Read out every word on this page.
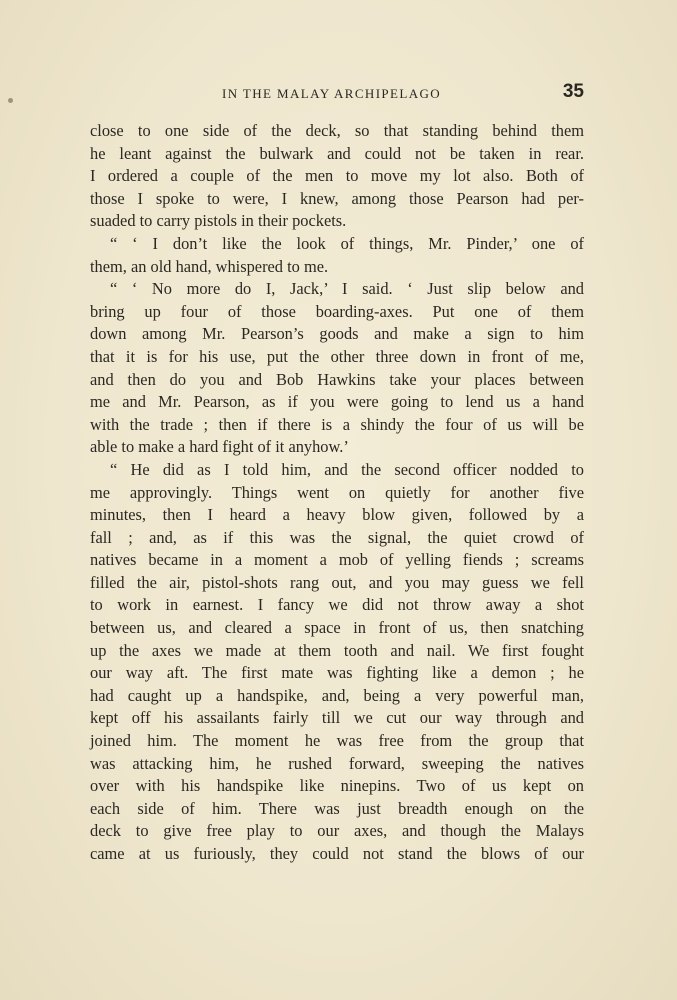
IN THE MALAY ARCHIPELAGO	35
close to one side of the deck, so that standing behind them
he leant against the bulwark and could not be taken in rear.
I ordered a couple of the men to move my lot also. Both of
those I spoke to were, I knew, among those Pearson had per-
suaded to carry pistols in their pockets.
“ ‘ I don’t like the look of things, Mr. Pinder,’ one of
them, an old hand, whispered to me.
“ ‘ No more do I, Jack,’ I said. ‘ Just slip below and
bring up four of those boarding-axes. Put one of them
down among Mr. Pearson’s goods and make a sign to him
that it is for his use, put the other three down in front of me,
and then do you and Bob Hawkins take your places between
me and Mr. Pearson, as if you were going to lend us a hand
with the trade ; then if there is a shindy the four of us will be
able to make a hard fight of it anyhow.’
“ He did as I told him, and the second officer nodded to
me approvingly. Things went on quietly for another five
minutes, then I heard a heavy blow given, followed by a
fall ; and, as if this was the signal, the quiet crowd of
natives became in a moment a mob of yelling fiends ; screams
filled the air, pistol-shots rang out, and you may guess we fell
to work in earnest. I fancy we did not throw away a shot
between us, and cleared a space in front of us, then snatching
up the axes we made at them tooth and nail. We first fought
our way aft. The first mate was fighting like a demon ; he
had caught up a handspike, and, being a very powerful man,
kept off his assailants fairly till we cut our way through and
joined him. The moment he was free from the group that
was attacking him, he rushed forward, sweeping the natives
over with his handspike like ninepins. Two of us kept on
each side of him. There was just breadth enough on the
deck to give free play to our axes, and though the Malays
came at us furiously, they could not stand the blows of our
